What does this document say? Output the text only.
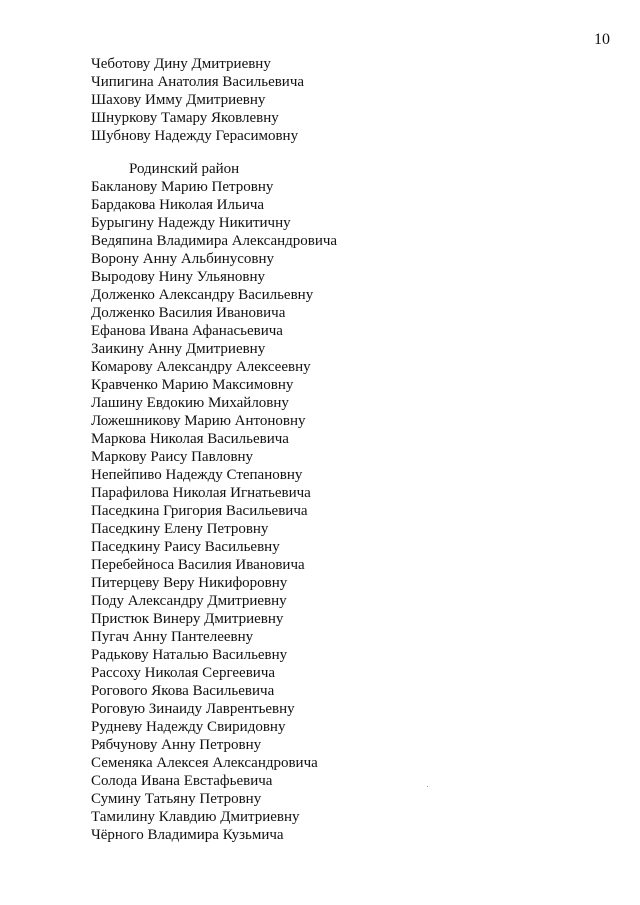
10
Чеботову Дину Дмитриевну
Чипигина Анатолия Васильевича
Шахову Имму Дмитриевну
Шнуркову Тамару Яковлевну
Шубнову Надежду Герасимовну
Родинский район
Бакланову Марию Петровну
Бардакова Николая Ильича
Бурыгину Надежду Никитичну
Ведяпина Владимира Александровича
Ворону Анну Альбинусовну
Выродову Нину Ульяновну
Долженко Александру Васильевну
Долженко Василия Ивановича
Ефанова Ивана Афанасьевича
Заикину Анну Дмитриевну
Комарову Александру Алексеевну
Кравченко Марию Максимовну
Лашину Евдокию Михайловну
Ложешникову Марию Антоновну
Маркова Николая Васильевича
Маркову Раису Павловну
Непейпиво Надежду Степановну
Парафилова Николая Игнатьевича
Паседкина Григория Васильевича
Паседкину Елену Петровну
Паседкину Раису Васильевну
Перебейноса Василия Ивановича
Питерцеву Веру Никифоровну
Поду Александру Дмитриевну
Пристюк Винеру Дмитриевну
Пугач Анну Пантелеевну
Радькову Наталью Васильевну
Рассоху Николая Сергеевича
Рогового Якова Васильевича
Роговую Зинаиду Лаврентьевну
Рудневу Надежду Свиридовну
Рябчунову Анну Петровну
Семеняка Алексея Александровича
Солода Ивана Евстафьевича
Сумину Татьяну Петровну
Тамилину Клавдию Дмитриевну
Чёрного Владимира Кузьмича
